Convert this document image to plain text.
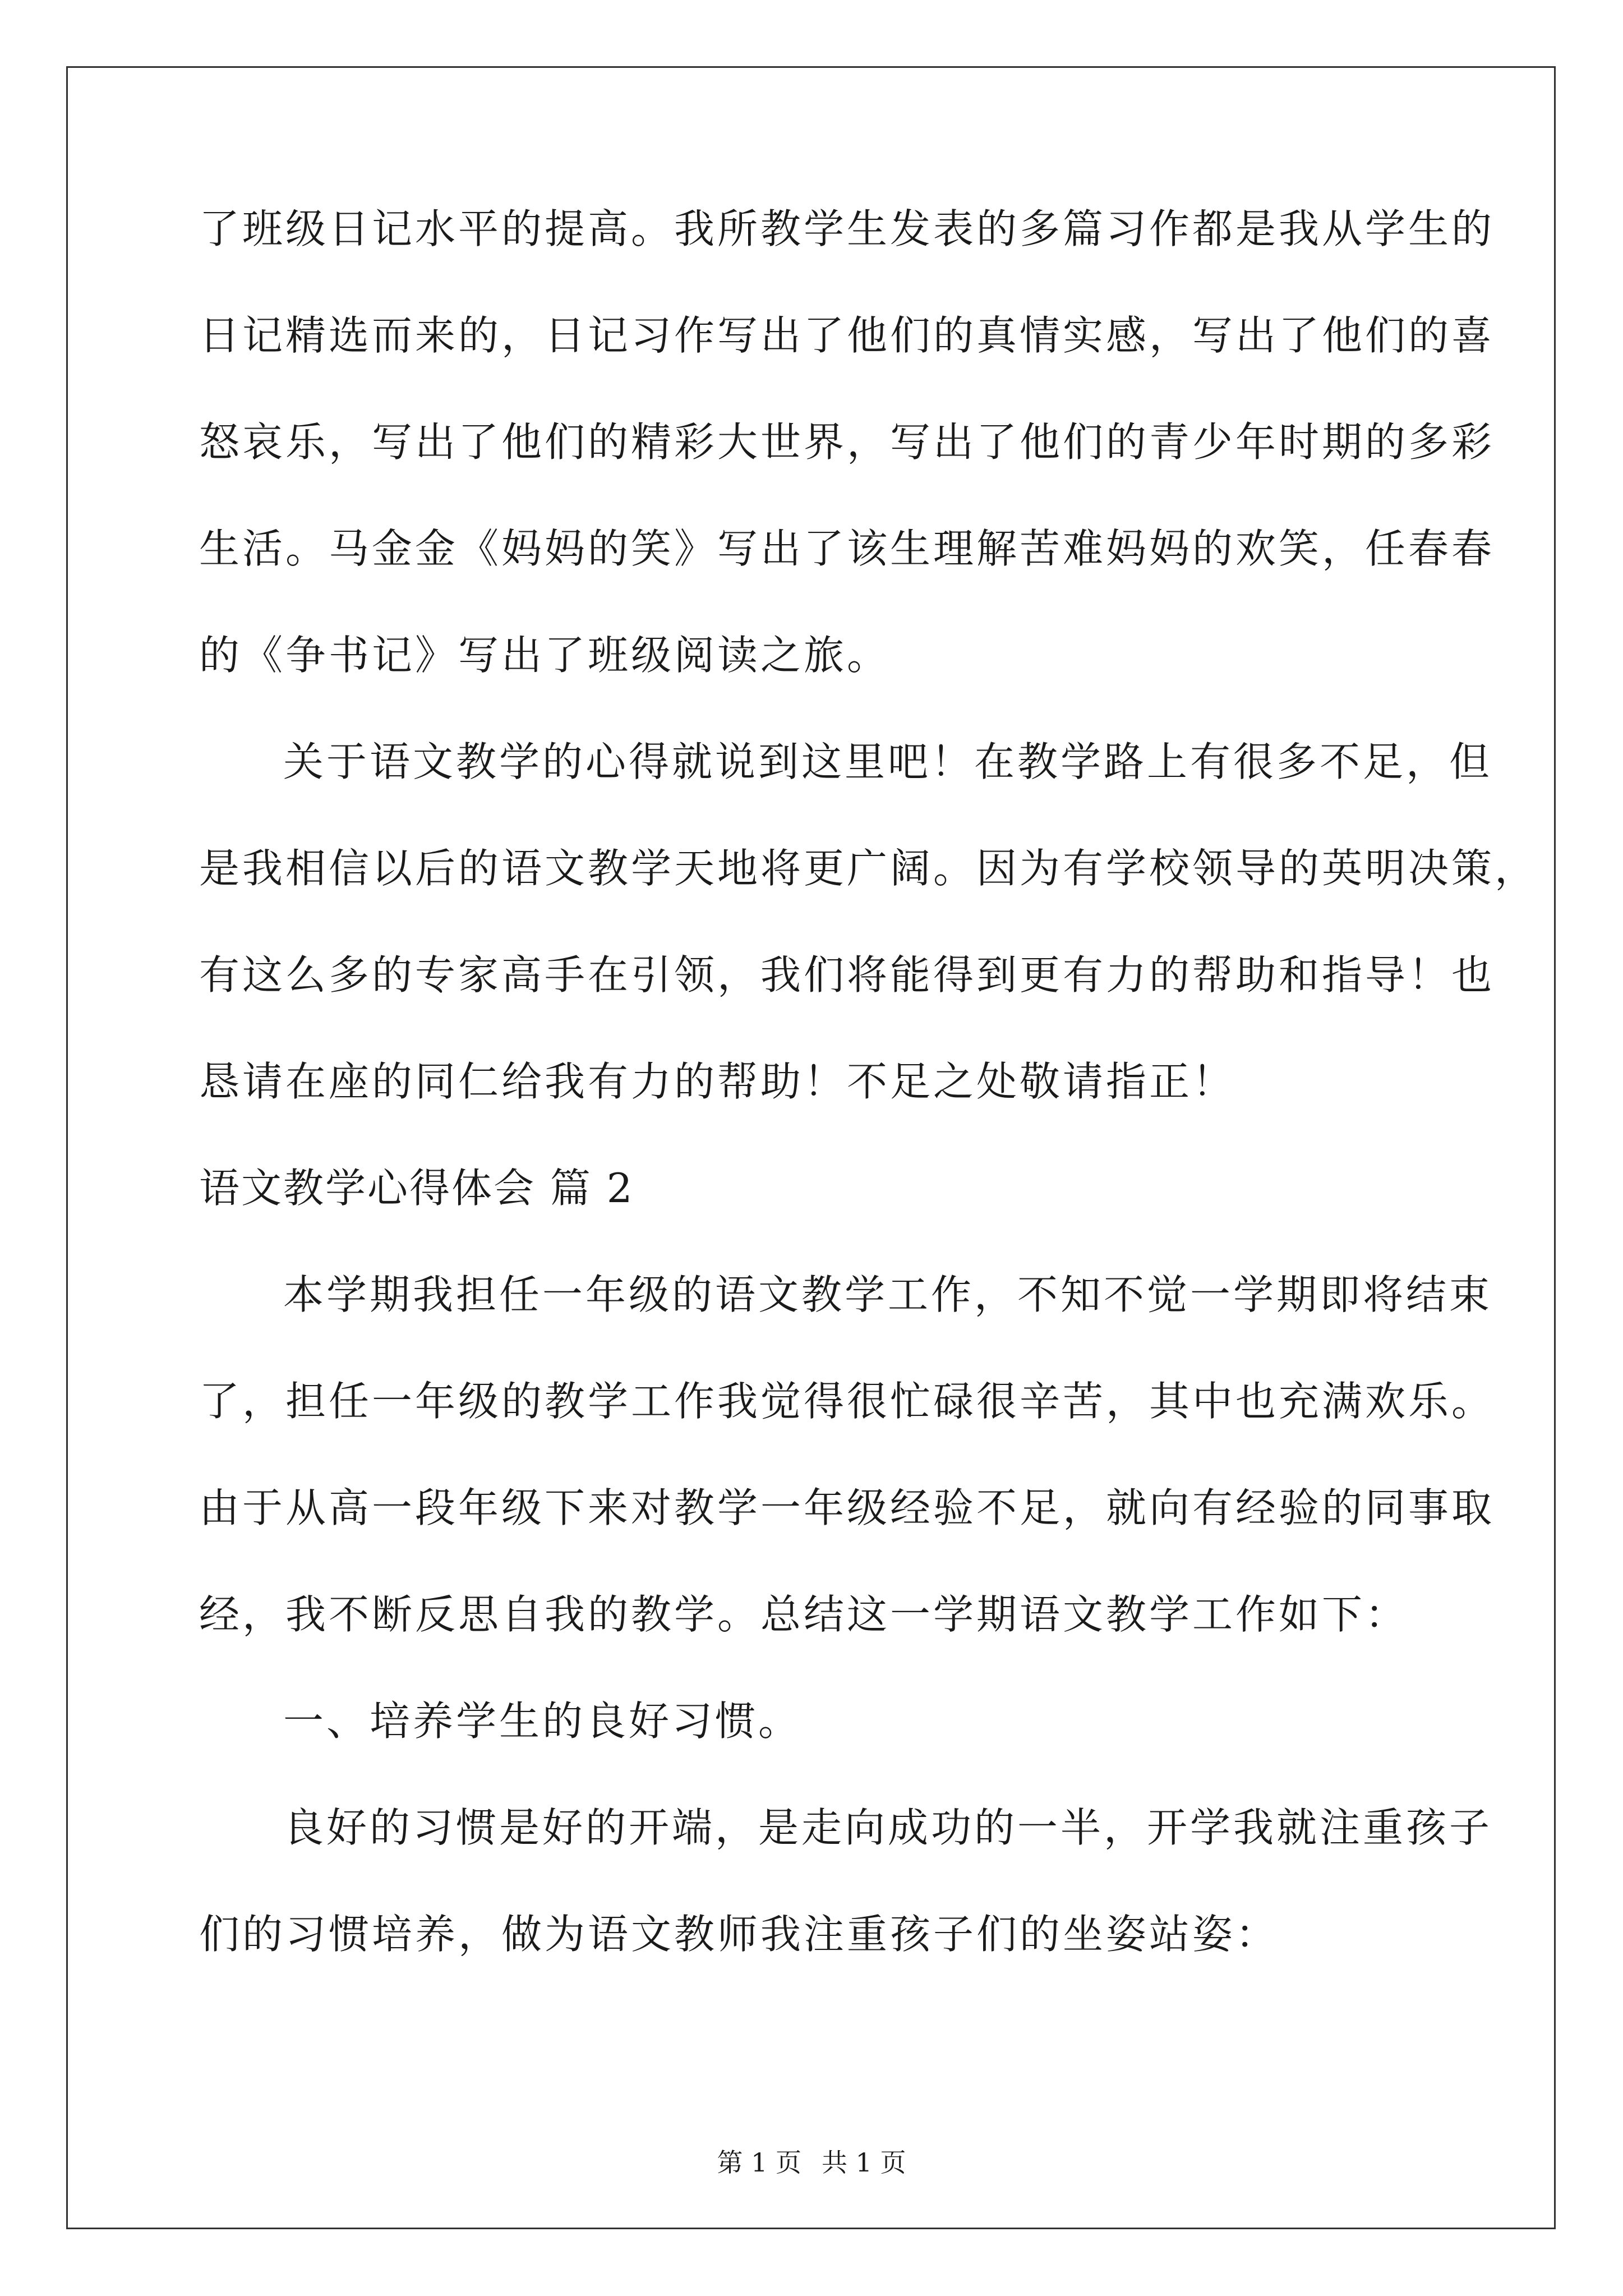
了班级日记水平的提高。我所教学生发表的多篇习作都是我从学生的
日记精选而来的，日记习作写出了他们的真情实感，写出了他们的喜
怒哀乐，写出了他们的精彩大世界，写出了他们的青少年时期的多彩
生活。马金金《妈妈的笑》写出了该生理解苦难妈妈的欢笑，任春春
的《争书记》写出了班级阅读之旅。
关于语文教学的心得就说到这里吧！在教学路上有很多不足，但
是我相信以后的语文教学天地将更广阔。因为有学校领导的英明决策，
有这么多的专家高手在引领，我们将能得到更有力的帮助和指导！也
恳请在座的同仁给我有力的帮助！不足之处敬请指正！
语文教学心得体会 篇 2
本学期我担任一年级的语文教学工作，不知不觉一学期即将结束
了，担任一年级的教学工作我觉得很忙碌很辛苦，其中也充满欢乐。
由于从高一段年级下来对教学一年级经验不足，就向有经验的同事取
经，我不断反思自我的教学。总结这一学期语文教学工作如下：
一、培养学生的良好习惯。
良好的习惯是好的开端，是走向成功的一半，开学我就注重孩子
们的习惯培养，做为语文教师我注重孩子们的坐姿站姿：
第 1 页 共 1 页
